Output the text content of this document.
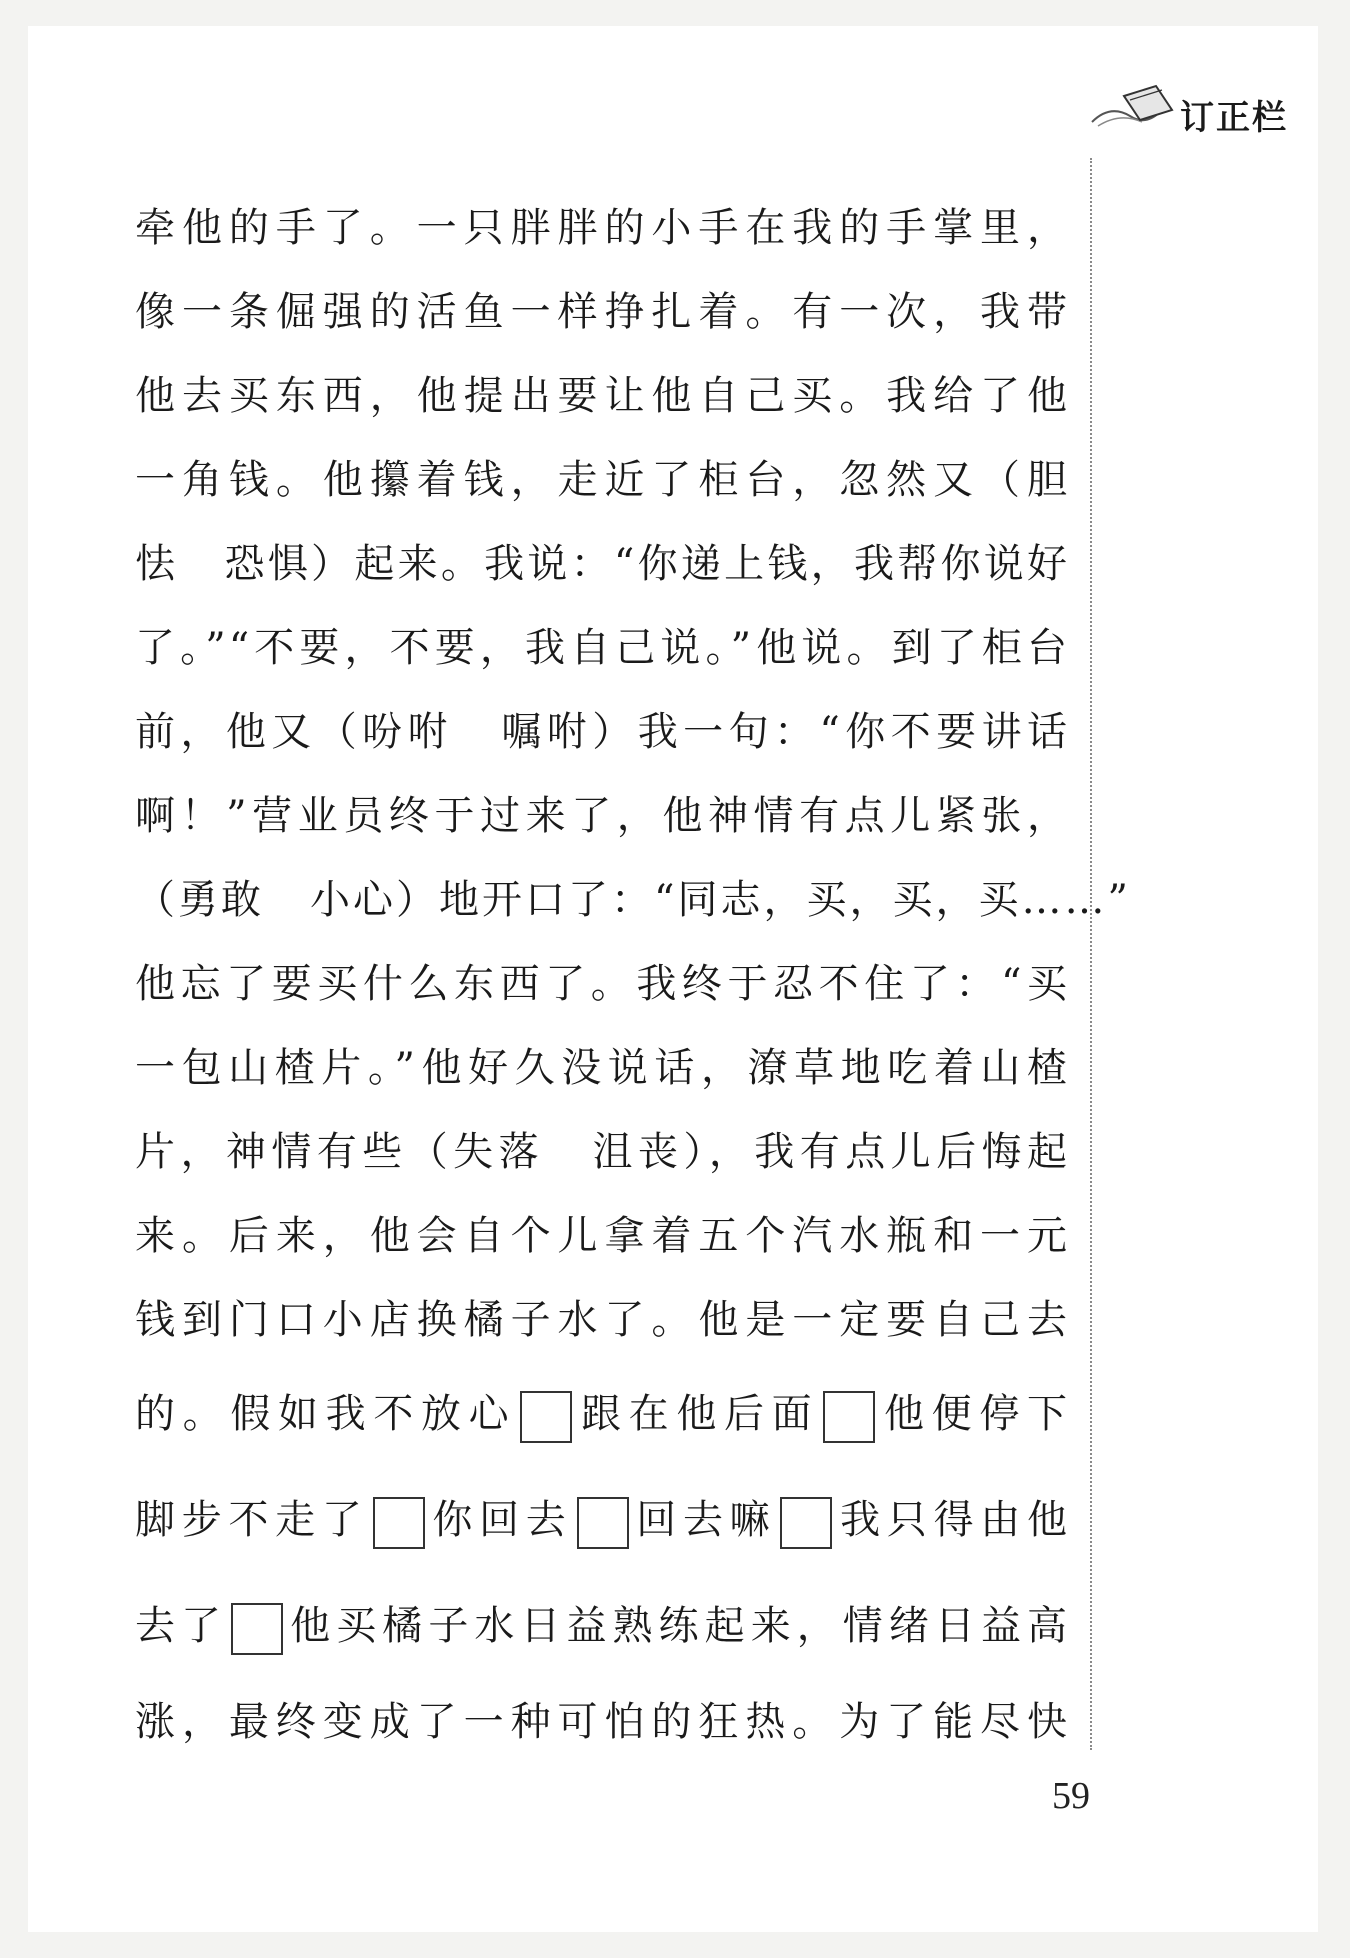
订正栏
牵他的手了。一只胖胖的小手在我的手掌里，
像一条倔强的活鱼一样挣扎着。有一次，我带
他去买东西，他提出要让他自己买。我给了他
一角钱。他攥着钱，走近了柜台，忽然又（胆
怯 恐惧）起来。我说：“你递上钱，我帮你说好
了。”“不要，不要，我自己说。”他说。到了柜台
前，他又（吩咐 嘱咐）我一句：“你不要讲话
啊！”营业员终于过来了，他神情有点儿紧张，
（勇敢 小心）地开口了：“同志，买，买，买……”
他忘了要买什么东西了。我终于忍不住了：“买
一包山楂片。”他好久没说话，潦草地吃着山楂
片，神情有些（失落 沮丧），我有点儿后悔起
来。后来，他会自个儿拿着五个汽水瓶和一元
钱到门口小店换橘子水了。他是一定要自己去
的。假如我不放心 跟在他后面 他便停下
脚步不走了 你回去 回去嘛 我只得由他
去了 他买橘子水日益熟练起来，情绪日益高
涨，最终变成了一种可怕的狂热。为了能尽快
59
